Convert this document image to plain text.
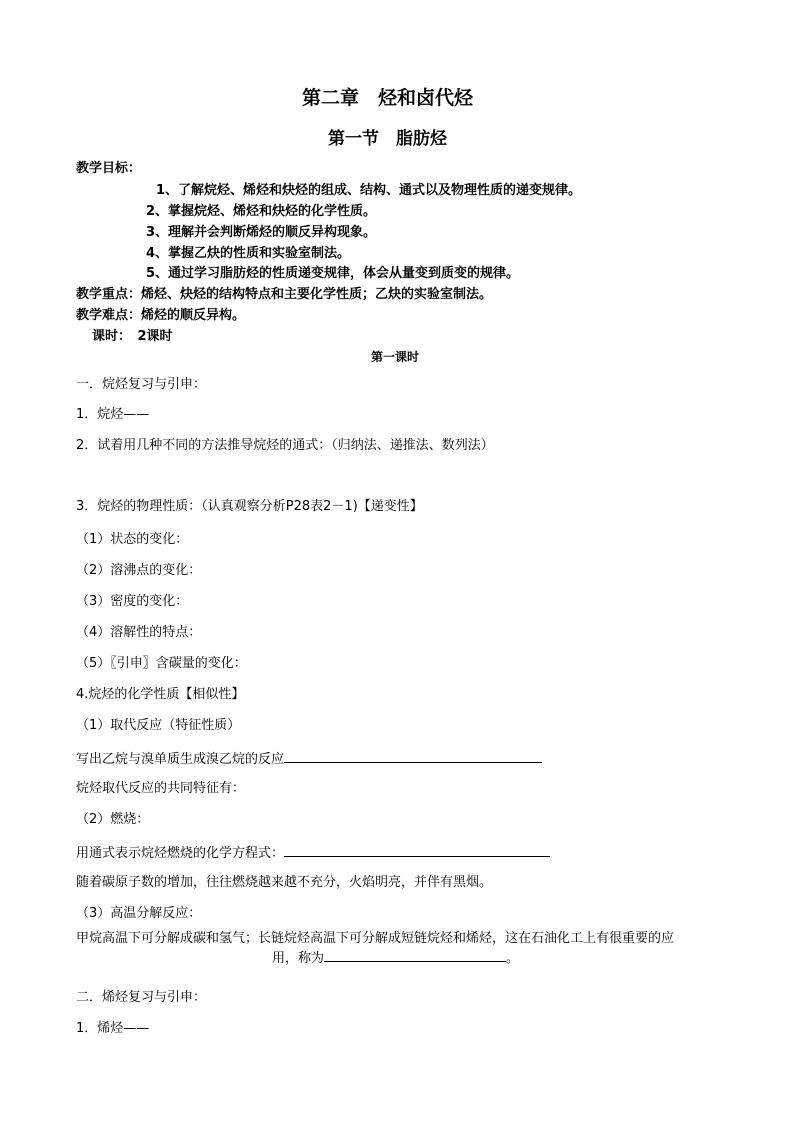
第二章　烃和卤代烃
第一节　脂肪烃
教学目标：
1、了解烷烃、烯烃和炔烃的组成、结构、通式以及物理性质的递变规律。
2、掌握烷烃、烯烃和炔烃的化学性质。
3、理解并会判断烯烃的顺反异构现象。
4、掌握乙炔的性质和实验室制法。
5、通过学习脂肪烃的性质递变规律，体会从量变到质变的规律。
教学重点：烯烃、炔烃的结构特点和主要化学性质；乙炔的实验室制法。
教学难点：烯烃的顺反异构。
课时：　2课时
第一课时
一．烷烃复习与引申：
1．烷烃——
2．试着用几种不同的方法推导烷烃的通式：（归纳法、递推法、数列法）
3．烷烃的物理性质：（认真观察分析P28表2－1)【递变性】
（1）状态的变化：
（2）溶沸点的变化：
（3）密度的变化：
（4）溶解性的特点：
（5）〖引申〗含碳量的变化：
4.烷烃的化学性质【相似性】
（1）取代反应（特征性质）
写出乙烷与溴单质生成溴乙烷的反应
烷烃取代反应的共同特征有：
（2）燃烧：
用通式表示烷烃燃烧的化学方程式：
随着碳原子数的增加，往往燃烧越来越不充分，火焰明亮，并伴有黑烟。
（3）高温分解反应：
甲烷高温下可分解成碳和氢气；长链烷烃高温下可分解成短链烷烃和烯烃，这在石油化工上有很重要的应
用，称为	。
二．烯烃复习与引申：
1．烯烃——
